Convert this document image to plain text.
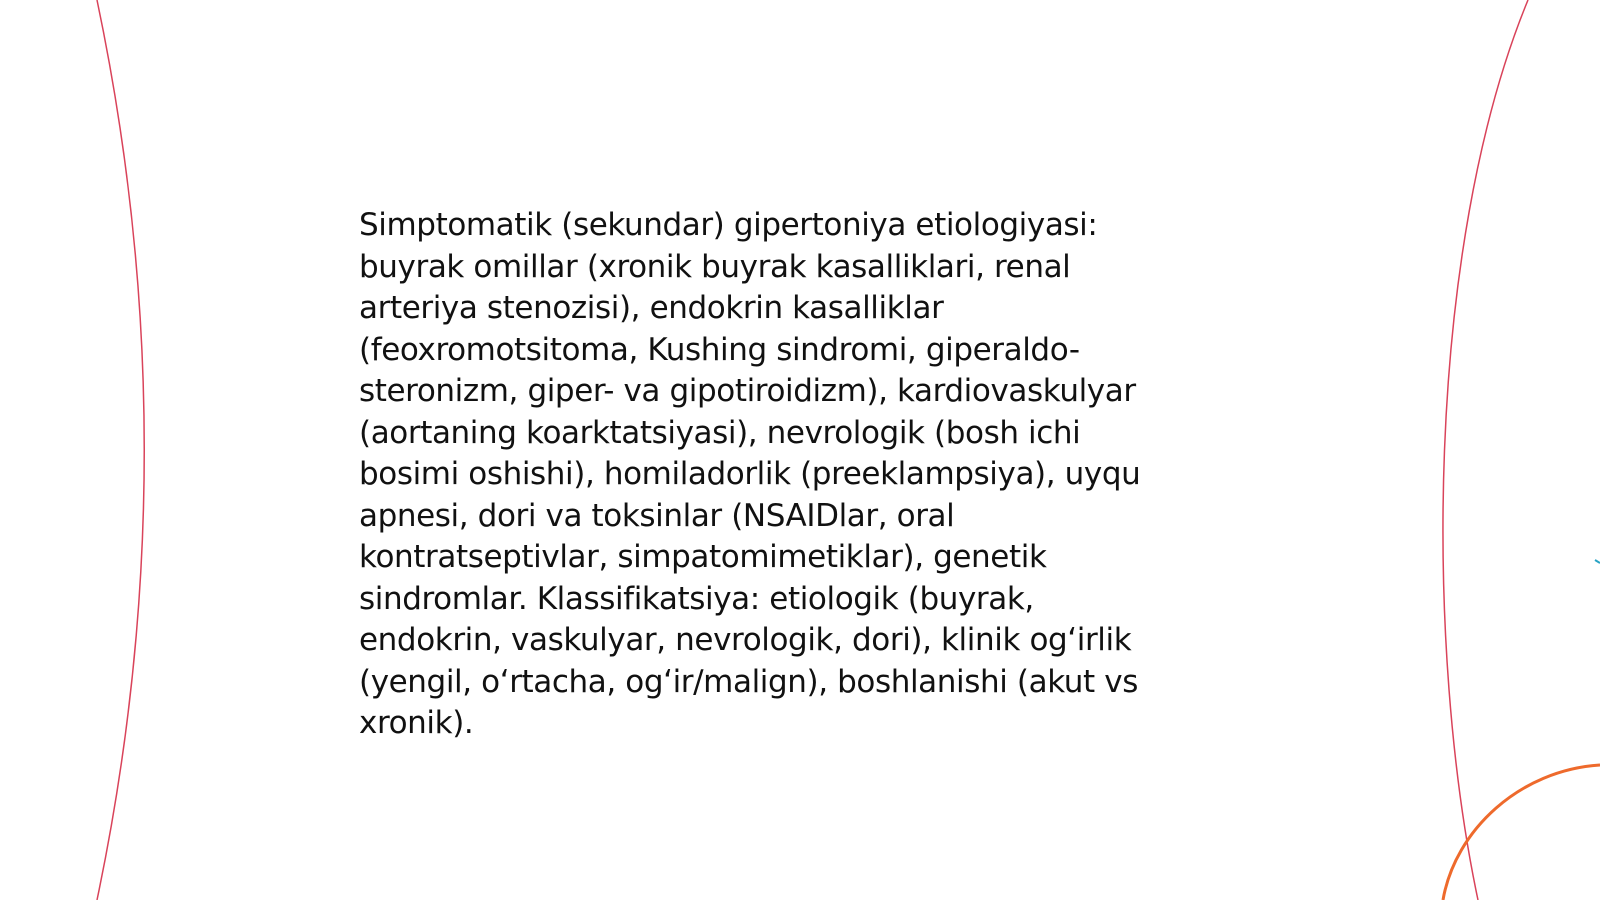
Simptomatik (sekundar) gipertoniya etiologiyasi:
buyrak omillar (xronik buyrak kasalliklari, renal
arteriya stenozisi), endokrin kasalliklar
(feoxromotsitoma, Kushing sindromi, giperaldo-
steronizm, giper- va gipotiroidizm), kardiovaskulyar
(aortaning koarktatsiyasi), nevrologik (bosh ichi
bosimi oshishi), homiladorlik (preeklampsiya), uyqu
apnesi, dori va toksinlar (NSAIDlar, oral
kontratseptivlar, simpatomimetiklar), genetik
sindromlar. Klassifikatsiya: etiologik (buyrak,
endokrin, vaskulyar, nevrologik, dori), klinik og‘irlik
(yengil, o‘rtacha, og‘ir/malign), boshlanishi (akut vs
xronik).
